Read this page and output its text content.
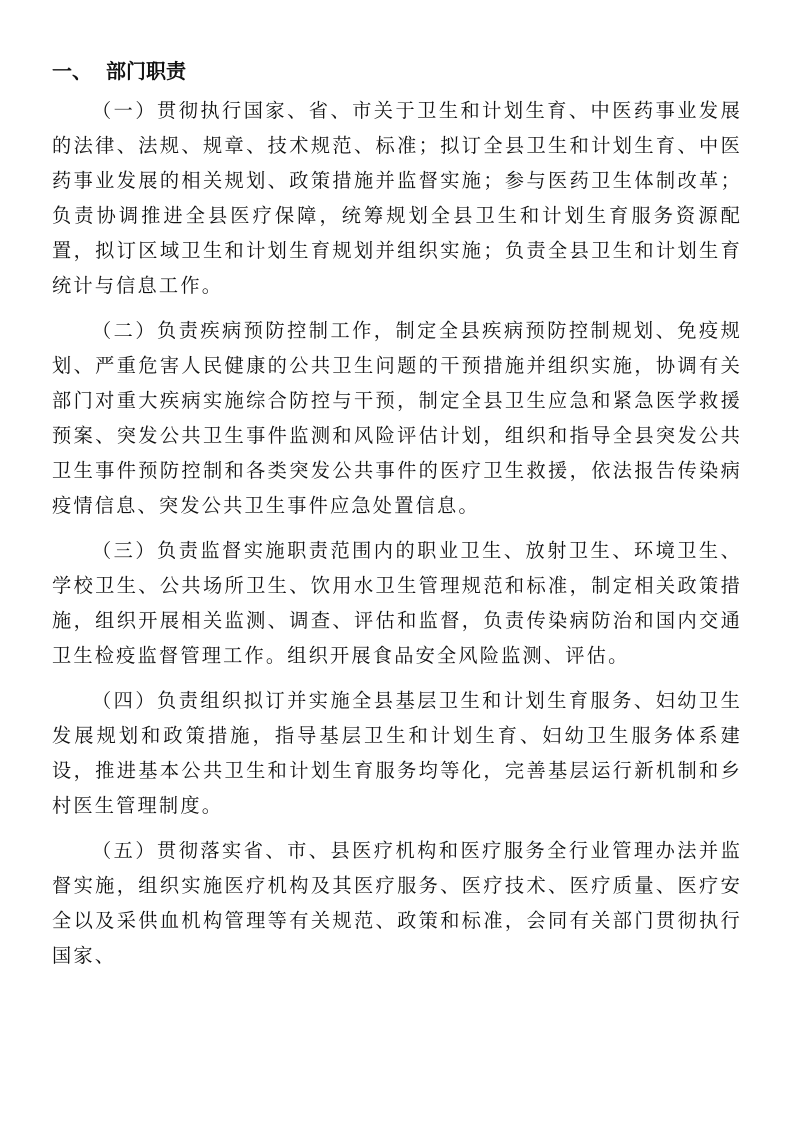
一、 部门职责

（一）贯彻执行国家、省、市关于卫生和计划生育、中医药事业发展的法律、法规、规章、技术规范、标准；拟订全县卫生和计划生育、中医药事业发展的相关规划、政策措施并监督实施；参与医药卫生体制改革；负责协调推进全县医疗保障，统筹规划全县卫生和计划生育服务资源配置，拟订区域卫生和计划生育规划并组织实施；负责全县卫生和计划生育统计与信息工作。

（二）负责疾病预防控制工作，制定全县疾病预防控制规划、免疫规划、严重危害人民健康的公共卫生问题的干预措施并组织实施，协调有关部门对重大疾病实施综合防控与干预，制定全县卫生应急和紧急医学救援预案、突发公共卫生事件监测和风险评估计划，组织和指导全县突发公共卫生事件预防控制和各类突发公共事件的医疗卫生救援，依法报告传染病疫情信息、突发公共卫生事件应急处置信息。

（三）负责监督实施职责范围内的职业卫生、放射卫生、环境卫生、学校卫生、公共场所卫生、饮用水卫生管理规范和标准，制定相关政策措施，组织开展相关监测、调查、评估和监督，负责传染病防治和国内交通卫生检疫监督管理工作。组织开展食品安全风险监测、评估。

（四）负责组织拟订并实施全县基层卫生和计划生育服务、妇幼卫生发展规划和政策措施，指导基层卫生和计划生育、妇幼卫生服务体系建设，推进基本公共卫生和计划生育服务均等化，完善基层运行新机制和乡村医生管理制度。

（五）贯彻落实省、市、县医疗机构和医疗服务全行业管理办法并监督实施，组织实施医疗机构及其医疗服务、医疗技术、医疗质量、医疗安全以及采供血机构管理等有关规范、政策和标准，会同有关部门贯彻执行国家、
